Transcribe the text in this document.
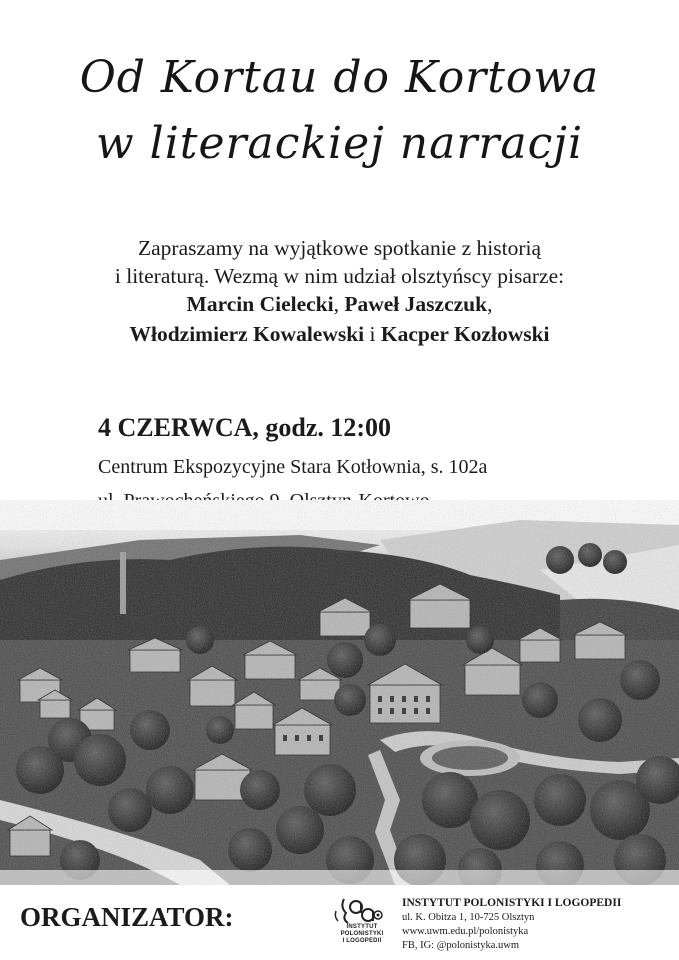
Od Kortau do Kortowa
w literackiej narracji
Zapraszamy na wyjątkowe spotkanie z historią
i literaturą. Wezmą w nim udział olsztyńscy pisarze:
Marcin Cielecki, Paweł Jaszczuk,
Włodzimierz Kowalewski i Kacper Kozłowski
4 CZERWCA, godz. 12:00
Centrum Ekspozycyjne Stara Kotłownia, s. 102a
ORGANIZATOR:	INSTYTUT
POLONISTYKI
I LOGOPEDII
INSTYTUT POLONISTYKI I LOGOPEDII
ul. K. Obitza 1, 10-725 Olsztyn
www.uwm.edu.pl/polonistyka
FB, IG: @polonistyka.uwm
